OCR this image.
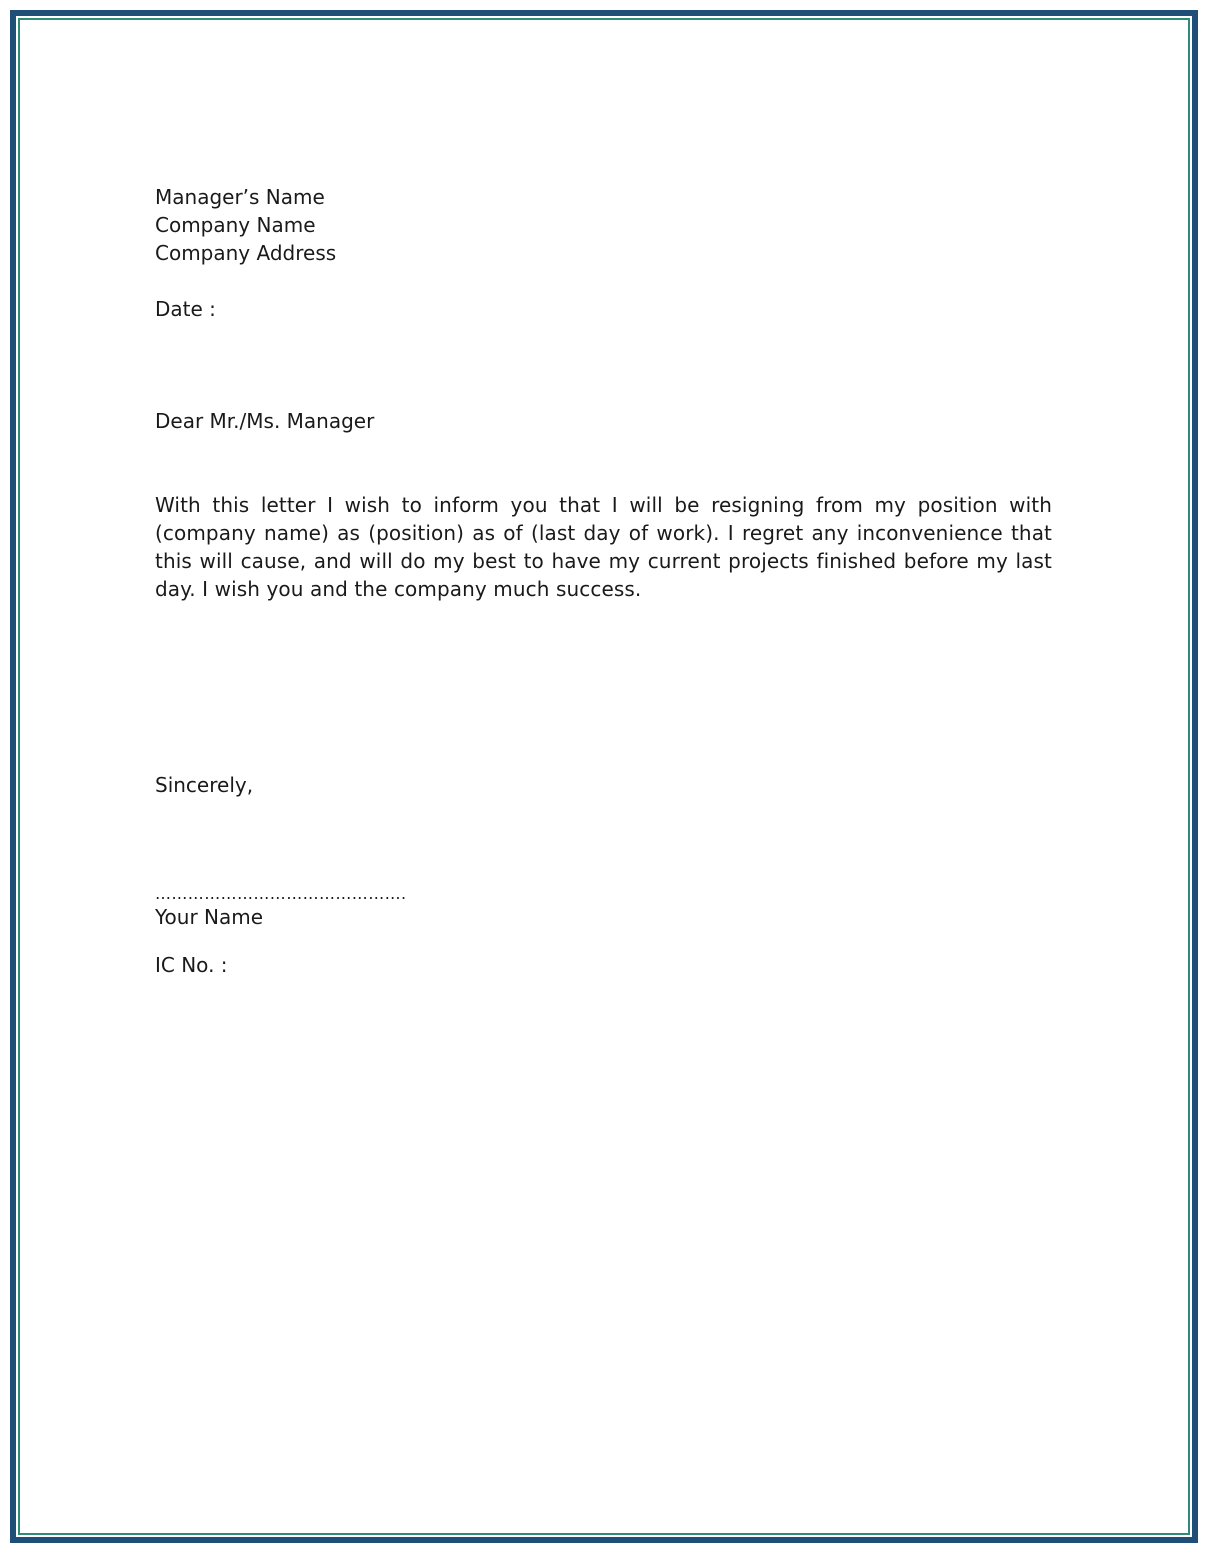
Manager’s Name
Company Name
Company Address
Date :
Dear Mr./Ms. Manager

With this letter I wish to inform you that I will be resigning from my position with (company name) as (position) as of (last day of work). I regret any inconvenience that this will cause, and will do my best to have my current projects finished before my last day. I wish you and the company much success.

Sincerely,
……………………………………….
Your Name
IC No. :
